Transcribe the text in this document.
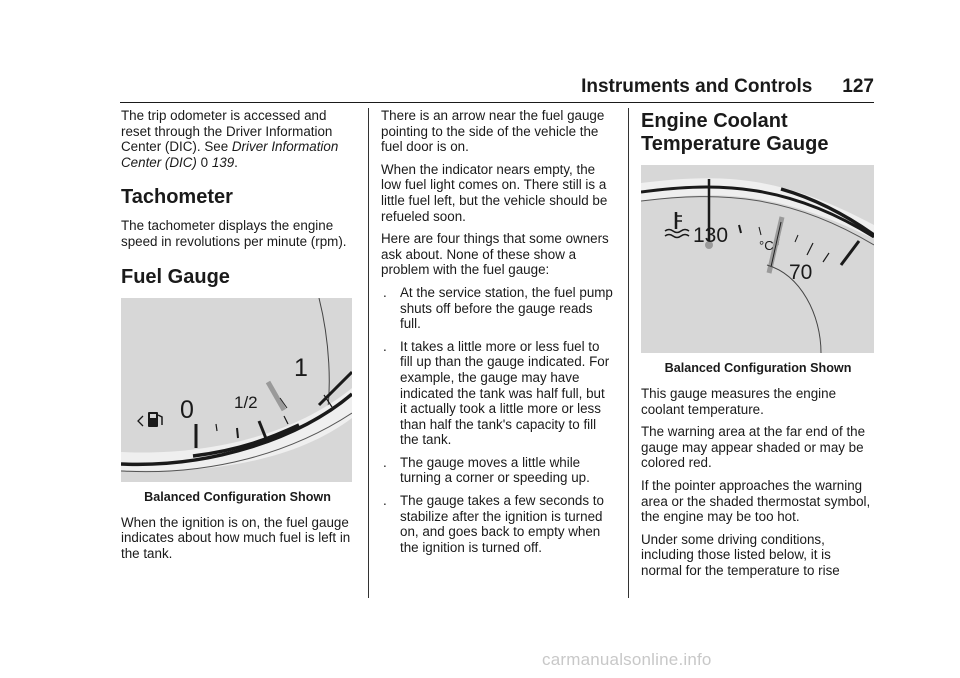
Instruments and Controls 127

The trip odometer is accessed and reset through the Driver Information Center (DIC). See Driver Information Center (DIC) 0 139.

Tachometer

The tachometer displays the engine speed in revolutions per minute (rpm).

Fuel Gauge
0 1/2
1
Balanced Configuration Shown

When the ignition is on, the fuel gauge indicates about how much fuel is left in the tank.

There is an arrow near the fuel gauge pointing to the side of the vehicle the fuel door is on.

When the indicator nears empty, the low fuel light comes on. There still is a little fuel left, but the vehicle should be refueled soon.

Here are four things that some owners ask about. None of these show a problem with the fuel gauge:

. At the service station, the fuel pump shuts off before the gauge reads full.
. It takes a little more or less fuel to fill up than the gauge indicated. For example, the gauge may have indicated the tank was half full, but it actually took a little more or less than half the tank's capacity to fill the tank.
. The gauge moves a little while turning a corner or speeding up.
. The gauge takes a few seconds to stabilize after the ignition is turned on, and goes back to empty when the ignition is turned off.
Engine Coolant
Temperature Gauge
130 °C
70
Balanced Configuration Shown

This gauge measures the engine coolant temperature.

The warning area at the far end of the gauge may appear shaded or may be colored red.

If the pointer approaches the warning area or the shaded thermostat symbol, the engine may be too hot.

Under some driving conditions, including those listed below, it is normal for the temperature to rise

carmanualsonline.info
